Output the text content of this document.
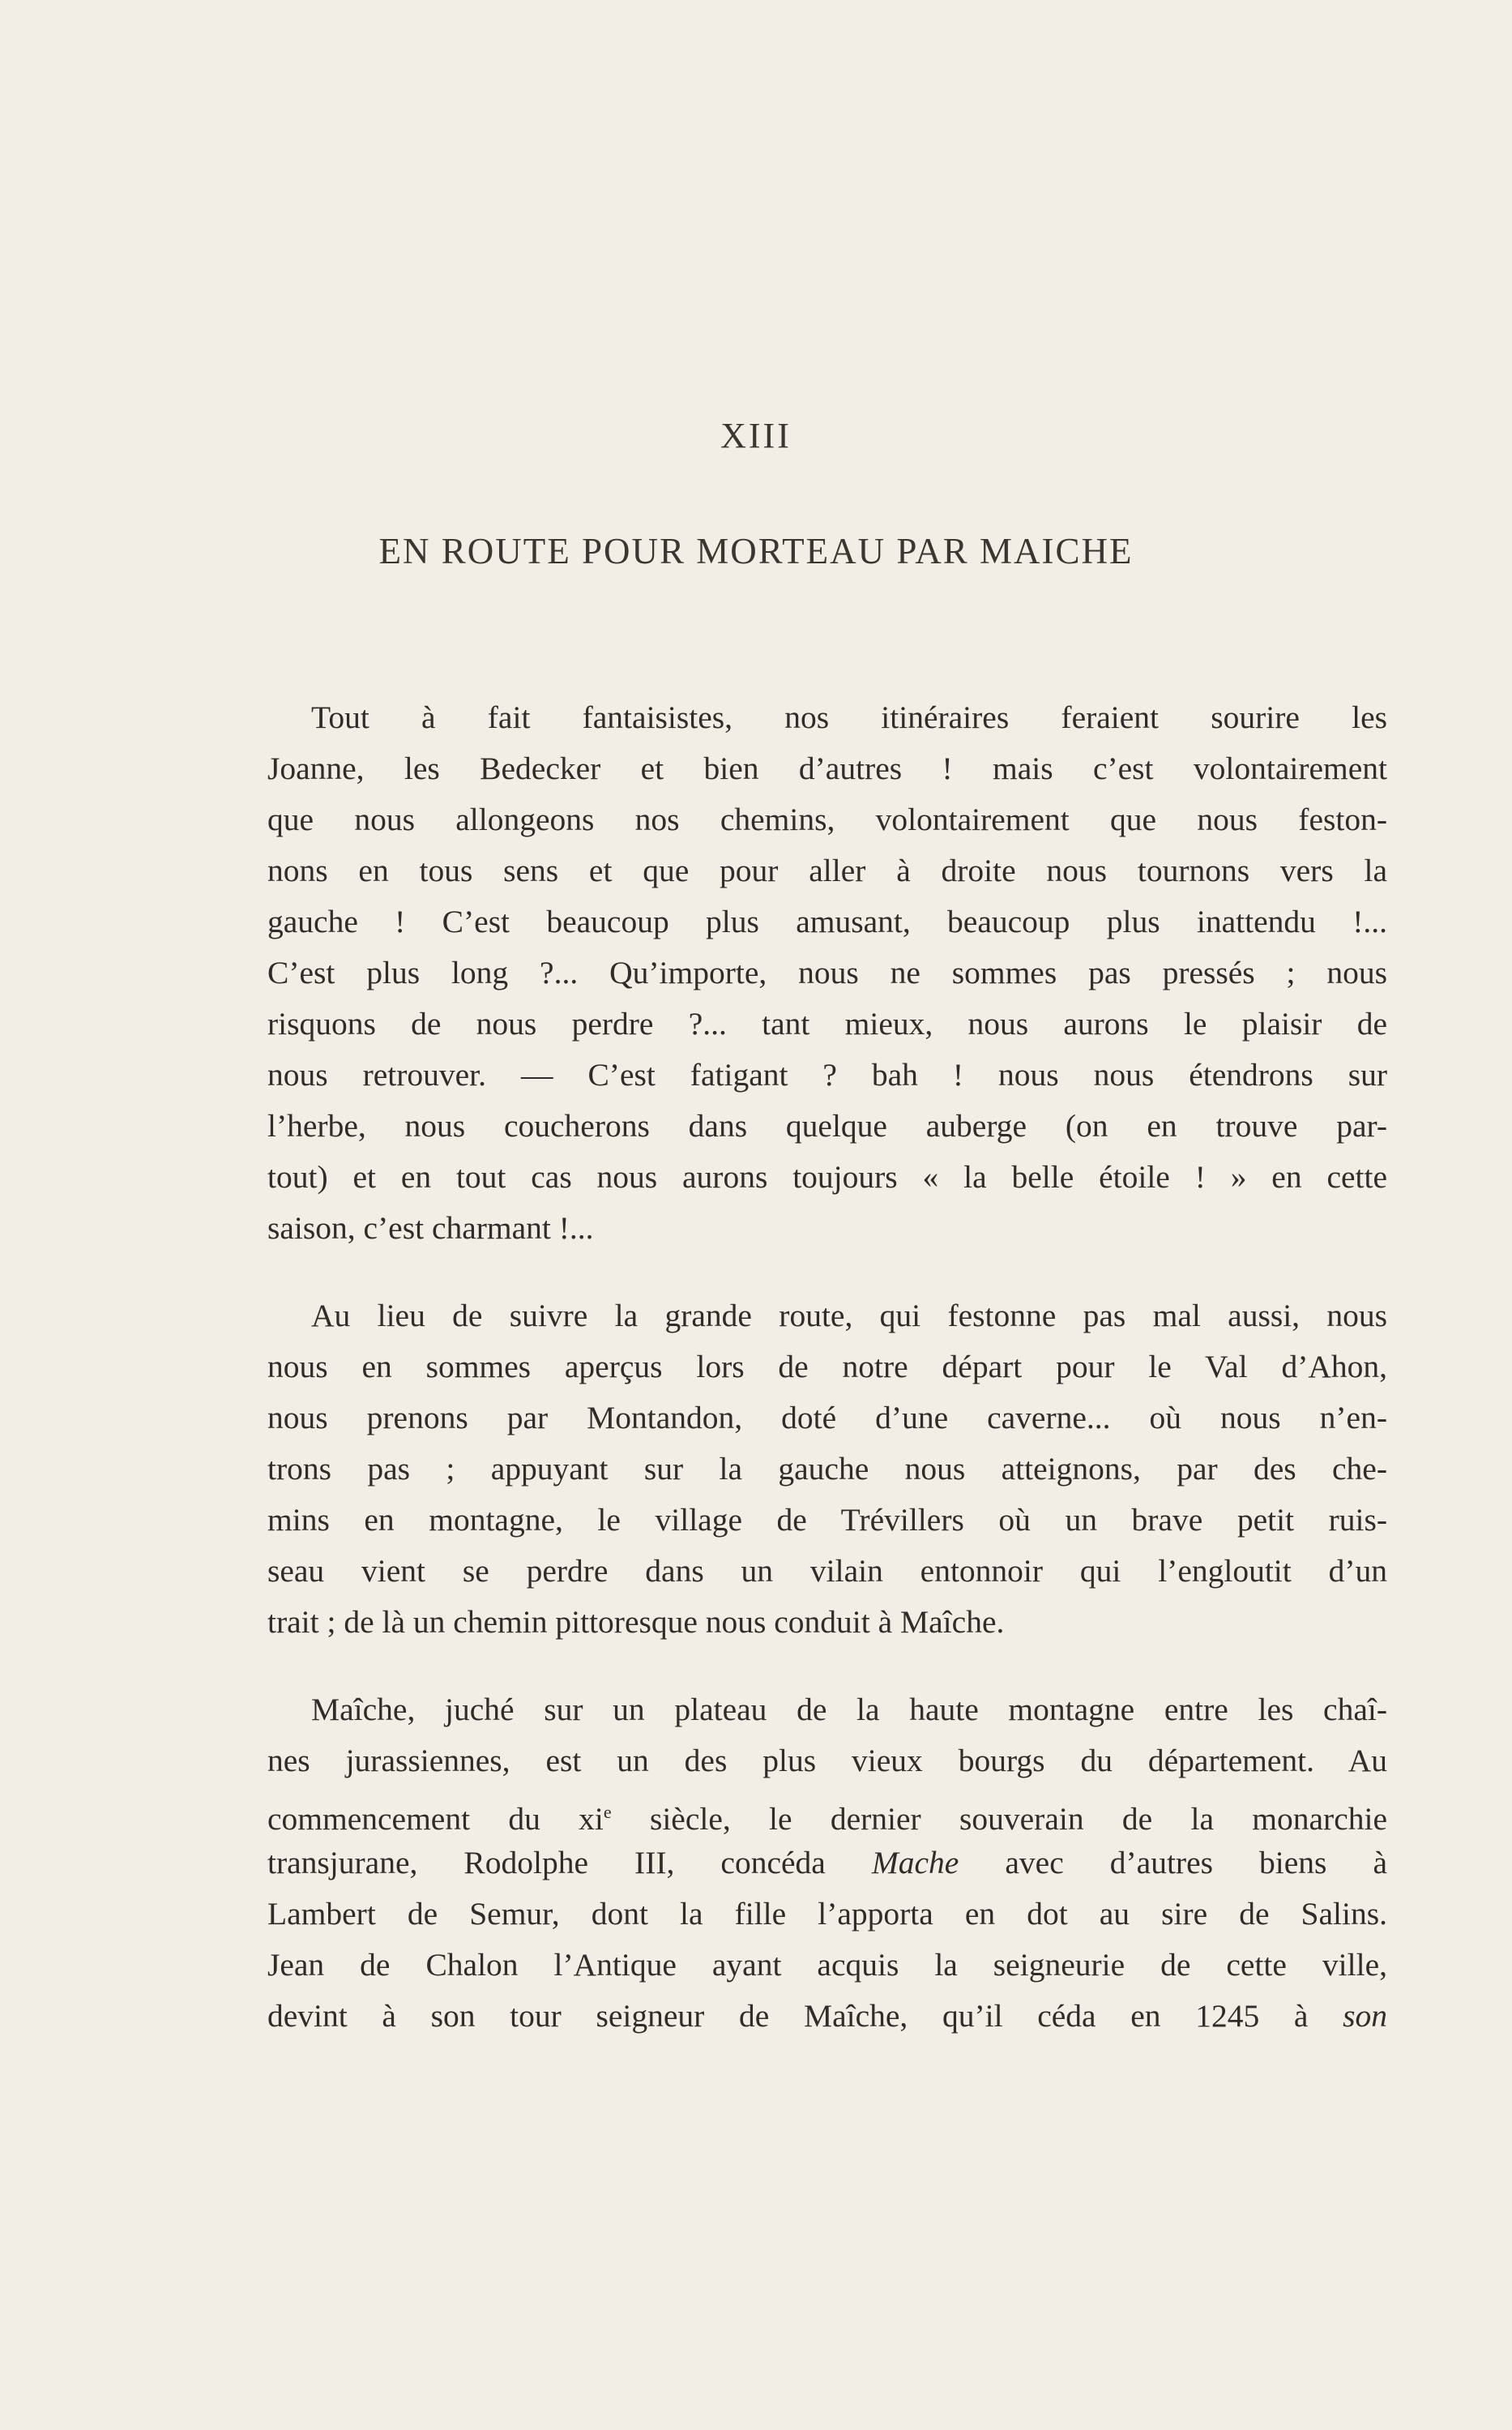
XIII
EN ROUTE POUR MORTEAU PAR MAICHE
Tout à fait fantaisistes, nos itinéraires feraient sourire les
Joanne, les Bedecker et bien d’autres ! mais c’est volontairement
que nous allongeons nos chemins, volontairement que nous feston-
nons en tous sens et que pour aller à droite nous tournons vers la
gauche ! C’est beaucoup plus amusant, beaucoup plus inattendu !...
C’est plus long ?... Qu’importe, nous ne sommes pas pressés ; nous
risquons de nous perdre ?... tant mieux, nous aurons le plaisir de
nous retrouver. — C’est fatigant ? bah ! nous nous étendrons sur
l’herbe, nous coucherons dans quelque auberge (on en trouve par-
tout) et en tout cas nous aurons toujours « la belle étoile ! » en cette
saison, c’est charmant !...
Au lieu de suivre la grande route, qui festonne pas mal aussi, nous
nous en sommes aperçus lors de notre départ pour le Val d’Ahon,
nous prenons par Montandon, doté d’une caverne... où nous n’en-
trons pas ; appuyant sur la gauche nous atteignons, par des che-
mins en montagne, le village de Trévillers où un brave petit ruis-
seau vient se perdre dans un vilain entonnoir qui l’engloutit d’un
trait ; de là un chemin pittoresque nous conduit à Maîche.
Maîche, juché sur un plateau de la haute montagne entre les chaî-
nes jurassiennes, est un des plus vieux bourgs du département. Au
commencement du $xi^e$ siècle, le dernier souverain de la monarchie
transjurane, Rodolphe III, concéda Mache avec d’autres biens à
Lambert de Semur, dont la fille l’apporta en dot au sire de Salins.
Jean de Chalon l’Antique ayant acquis la seigneurie de cette ville,
devint à son tour seigneur de Maîche, qu’il céda en 1245 à son
